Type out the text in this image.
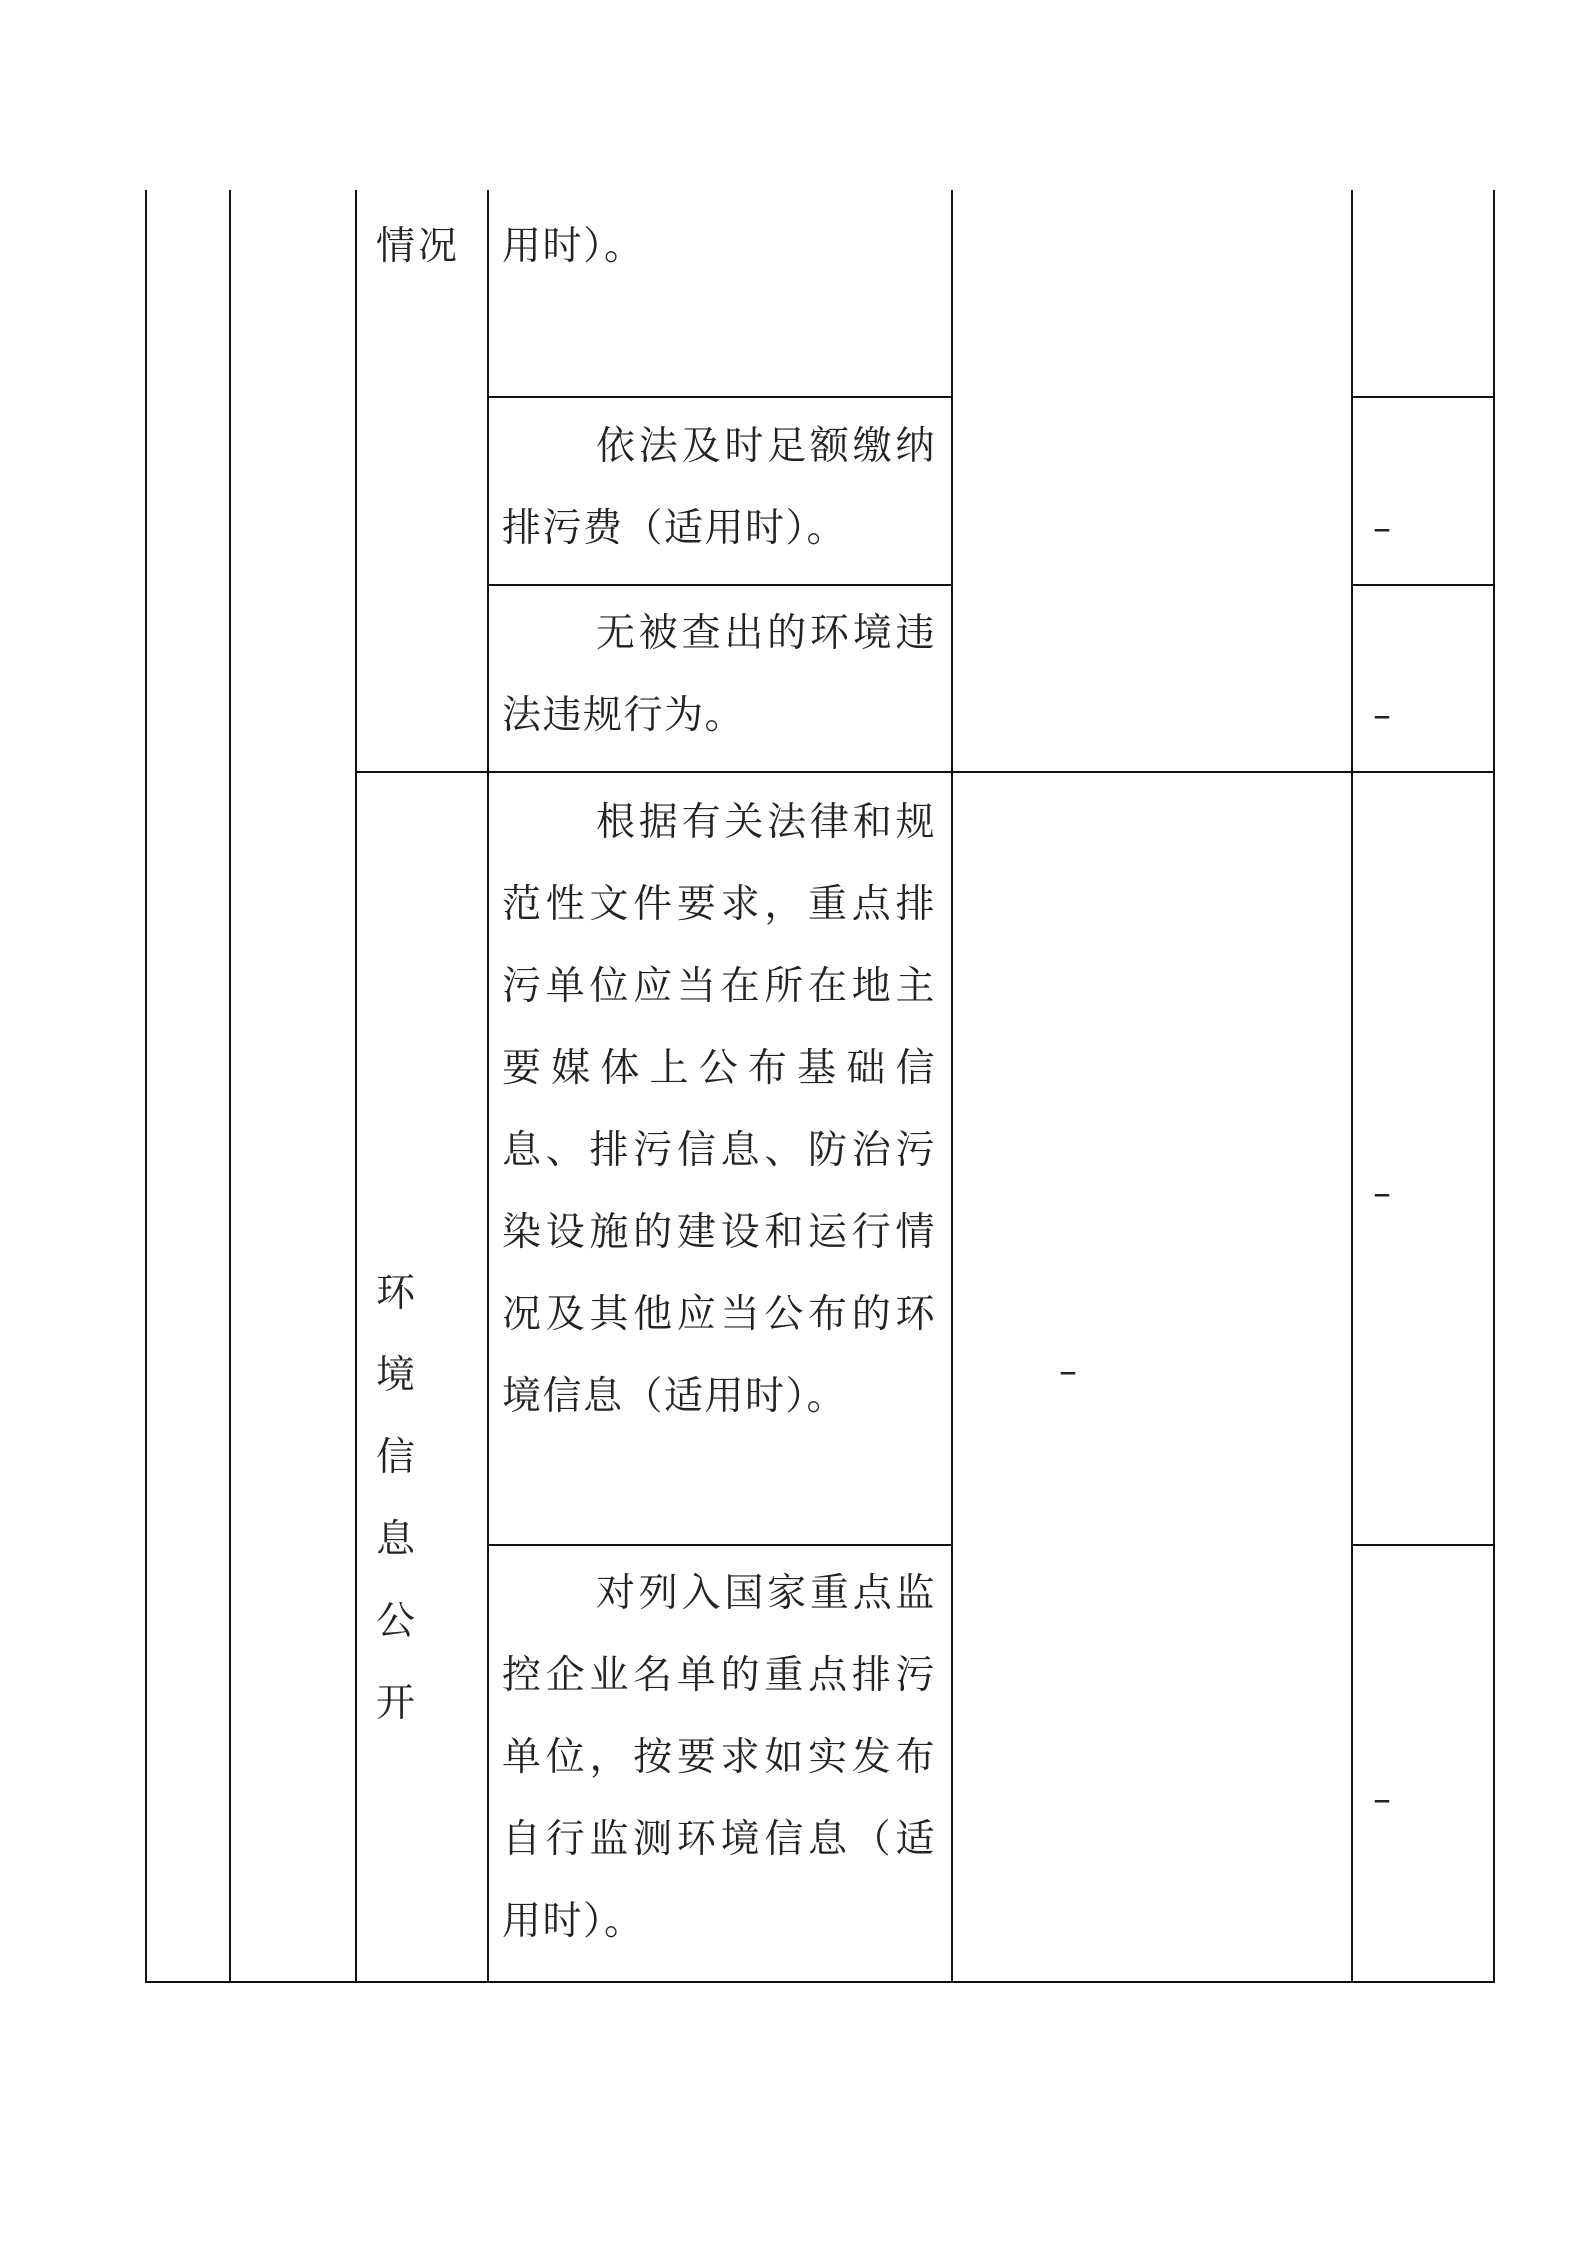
情况
环境信息公开
用时）。
依法及时足额缴纳排污费（适用时）。
无被查出的环境违法违规行为。
根据有关法律和规范性文件要求，重点排污单位应当在所在地主要媒体上公布基础信息、排污信息、防治污染设施的建设和运行情况及其他应当公布的环境信息（适用时）。
对列入国家重点监控企业名单的重点排污单位，按要求如实发布自行监测环境信息（适用时）。
–
–
–
–
–
